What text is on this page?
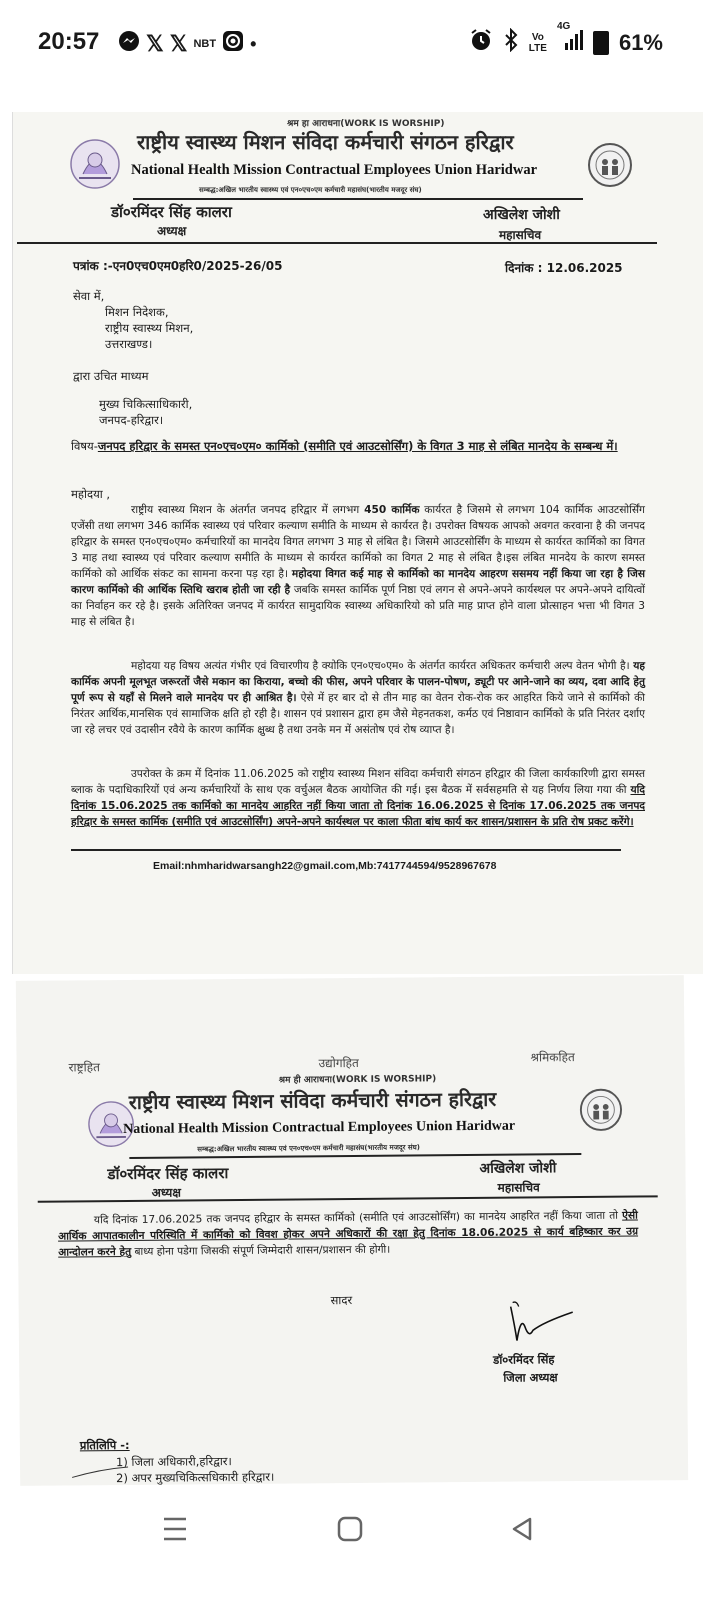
20:57 𝕏 𝕏 NBT •	Vo
LTE
4G
61%
श्रम हा आराधना(WORK IS WORSHIP)
राष्ट्रीय स्वास्थ्य मिशन संविदा कर्मचारी संगठन हरिद्वार
National Health Mission Contractual Employees Union Haridwar
सम्बद्ध:अखिल भारतीय स्वास्थ्य एवं एन०एच०एम कर्मचारी महासंघ(भारतीय मजदूर संघ)
डॉ०रमिंदर सिंह कालरा
अध्यक्ष
अखिलेश जोशी
महासचिव
पत्रांक :-एन0एच0एम0हरि0/2025-26/05	दिनांक : 12.06.2025
सेवा में,
मिशन निदेशक,
राष्ट्रीय स्वास्थ्य मिशन,
उत्तराखण्ड।
द्वारा उचित माध्यम
मुख्य चिकित्साधिकारी,
जनपद-हरिद्वार।
विषय-जनपद हरिद्वार के समस्त एन०एच०एम० कार्मिको (समीति एवं आउटसोर्सिंग) के विगत 3 माह से लंबित मानदेय के सम्बन्ध में।
महोदया ,
राष्ट्रीय स्वास्थ्य मिशन के अंतर्गत जनपद हरिद्वार में लगभग 450 कार्मिक कार्यरत है जिसमे से लगभग 104 कार्मिक आउटसोर्सिंग एजेंसी तथा लगभग 346 कार्मिक स्वास्थ्य एवं परिवार कल्याण समीति के माध्यम से कार्यरत है। उपरोक्त विषयक आपको अवगत करवाना है की जनपद हरिद्वार के समस्त एन०एच०एम० कर्मचारियों का मानदेय विगत लगभग 3 माह से लंबित है। जिसमे आउटसोर्सिंग के माध्यम से कार्यरत कार्मिको का विगत 3 माह तथा स्वास्थ्य एवं परिवार कल्याण समीति के माध्यम से कार्यरत कार्मिको का विगत 2 माह से लंबित है।इस लंबित मानदेय के कारण समस्त कार्मिको को आर्थिक संकट का सामना करना पड़ रहा है। महोदया विगत कई माह से कार्मिको का मानदेय आहरण ससमय नहीं किया जा रहा है जिस कारण कार्मिको की आर्थिक स्तिथि खराब होती जा रही है जबकि समस्त कार्मिक पूर्ण निष्ठा एवं लगन से अपने-अपने कार्यस्थल पर अपने-अपने दायित्वों का निर्वाहन कर रहे है। इसके अतिरिक्त जनपद में कार्यरत सामुदायिक स्वास्थ्य अधिकारियो को प्रति माह प्राप्त होने वाला प्रोत्साहन भत्ता भी विगत 3 माह से लंबित है।
महोदया यह विषय अत्यंत गंभीर एवं विचारणीय है क्योकि एन०एच०एम० के अंतर्गत कार्यरत अधिकतर कर्मचारी अल्प वेतन भोगी है। यह कार्मिक अपनी मूलभूत जरूरतों जैसे मकान का किराया, बच्चो की फीस, अपने परिवार के पालन-पोषण, ड्यूटी पर आने-जाने का व्यय, दवा आदि हेतु पूर्ण रूप से यहाँ से मिलने वाले मानदेय पर ही आश्रित है। ऐसे में हर बार दो से तीन माह का वेतन रोक-रोक कर आहरित किये जाने से कार्मिको की निरंतर आर्थिक,मानसिक एवं सामाजिक क्षति हो रही है। शासन एवं प्रशासन द्वारा हम जैसे मेहनतकश, कर्मठ एवं निष्ठावान कार्मिको के प्रति निरंतर दर्शाए जा रहे लचर एवं उदासीन रवैये के कारण कार्मिक क्षुब्ध है तथा उनके मन में असंतोष एवं रोष व्याप्त है।
उपरोक्त के क्रम में दिनांक 11.06.2025 को राष्ट्रीय स्वास्थ्य मिशन संविदा कर्मचारी संगठन हरिद्वार की जिला कार्यकारिणी द्वारा समस्त ब्लाक के पदाधिकारियों एवं अन्य कर्मचारियों के साथ एक वर्चुअल बैठक आयोजित की गई। इस बैठक में सर्वसहमति से यह निर्णय लिया गया की यदि दिनांक 15.06.2025 तक कार्मिको का मानदेय आहरित नहीं किया जाता तो दिनांक 16.06.2025 से दिनांक 17.06.2025 तक जनपद हरिद्वार के समस्त कार्मिक (समीति एवं आउटसोर्सिंग) अपने-अपने कार्यस्थल पर काला फीता बांध कार्य कर शासन/प्रशासन के प्रति रोष प्रकट करेंगे।
Email:nhmharidwarsangh22@gmail.com,Mb:7417744594/9528967678
राष्ट्रहित	उद्योगहित	श्रमिकहित
श्रम ही आराधना(WORK IS WORSHIP)
राष्ट्रीय स्वास्थ्य मिशन संविदा कर्मचारी संगठन हरिद्वार
National Health Mission Contractual Employees Union Haridwar
सम्बद्ध:अखिल भारतीय स्वास्थ्य एवं एन०एच०एम कर्मचारी महासंघ(भारतीय मजदूर संघ)
डॉ०रमिंदर सिंह कालरा
अध्यक्ष
अखिलेश जोशी
महासचिव
यदि दिनांक 17.06.2025 तक जनपद हरिद्वार के समस्त कार्मिको (समीति एवं आउटसोर्सिंग) का मानदेय आहरित नहीं किया जाता तो ऐसी आर्थिक आपातकालीन परिस्थिति में कार्मिको को विवश होकर अपने अधिकारों की रक्षा हेतु दिनांक 18.06.2025 से कार्य बहिष्कार कर उग्र आन्दोलन करने हेतु बाध्य होना पडेगा जिसकी संपूर्ण जिम्मेदारी शासन/प्रशासन की होगी।
सादर
डॉ०रमिंदर सिंह
जिला अध्यक्ष
प्रतिलिपि -:
1) जिला अधिकारी,हरिद्वार।
2) अपर मुख्यचिकित्सधिकारी हरिद्वार।
